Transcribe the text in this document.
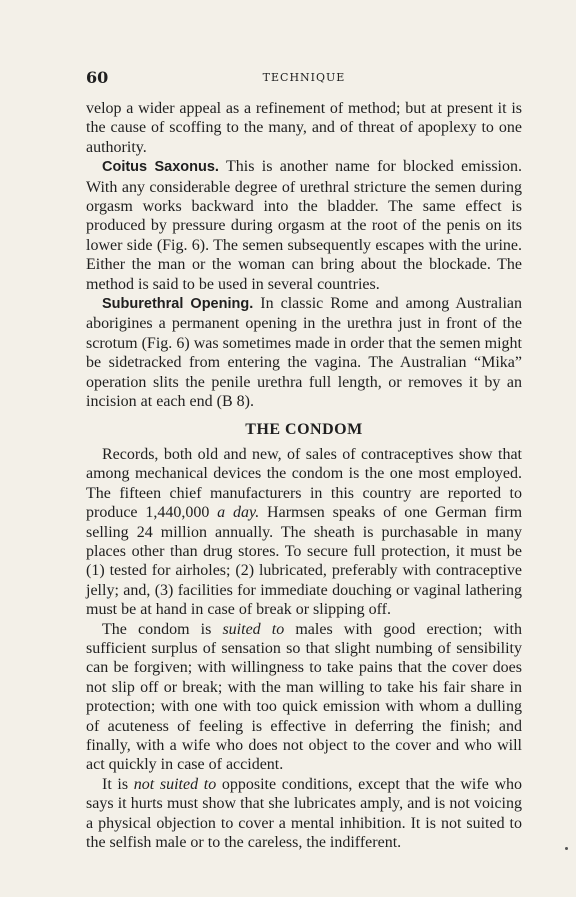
60	TECHNIQUE

velop a wider appeal as a refinement of method; but at present it is the cause of scoffing to the many, and of threat of apoplexy to one authority.

Coitus Saxonus. This is another name for blocked emission. With any considerable degree of urethral stricture the semen during orgasm works backward into the bladder. The same effect is produced by pressure during orgasm at the root of the penis on its lower side (Fig. 6). The semen subsequently escapes with the urine. Either the man or the woman can bring about the blockade. The method is said to be used in several countries.

Suburethral Opening. In classic Rome and among Australian aborigines a permanent opening in the urethra just in front of the scrotum (Fig. 6) was sometimes made in order that the semen might be sidetracked from entering the vagina. The Australian “Mika” operation slits the penile urethra full length, or removes it by an incision at each end (B 8).

THE CONDOM

Records, both old and new, of sales of contraceptives show that among mechanical devices the condom is the one most employed. The fifteen chief manufacturers in this country are reported to produce 1,440,000 a day. Harmsen speaks of one German firm selling 24 million annually. The sheath is purchasable in many places other than drug stores. To secure full protection, it must be (1) tested for airholes; (2) lubricated, preferably with contraceptive jelly; and, (3) facilities for immediate douching or vaginal lathering must be at hand in case of break or slipping off.

The condom is suited to males with good erection; with sufficient surplus of sensation so that slight numbing of sensibility can be forgiven; with willingness to take pains that the cover does not slip off or break; with the man willing to take his fair share in protection; with one with too quick emission with whom a dulling of acuteness of feeling is effective in deferring the finish; and finally, with a wife who does not object to the cover and who will act quickly in case of accident.

It is not suited to opposite conditions, except that the wife who says it hurts must show that she lubricates amply, and is not voicing a physical objection to cover a mental inhibition. It is not suited to the selfish male or to the careless, the indifferent.
